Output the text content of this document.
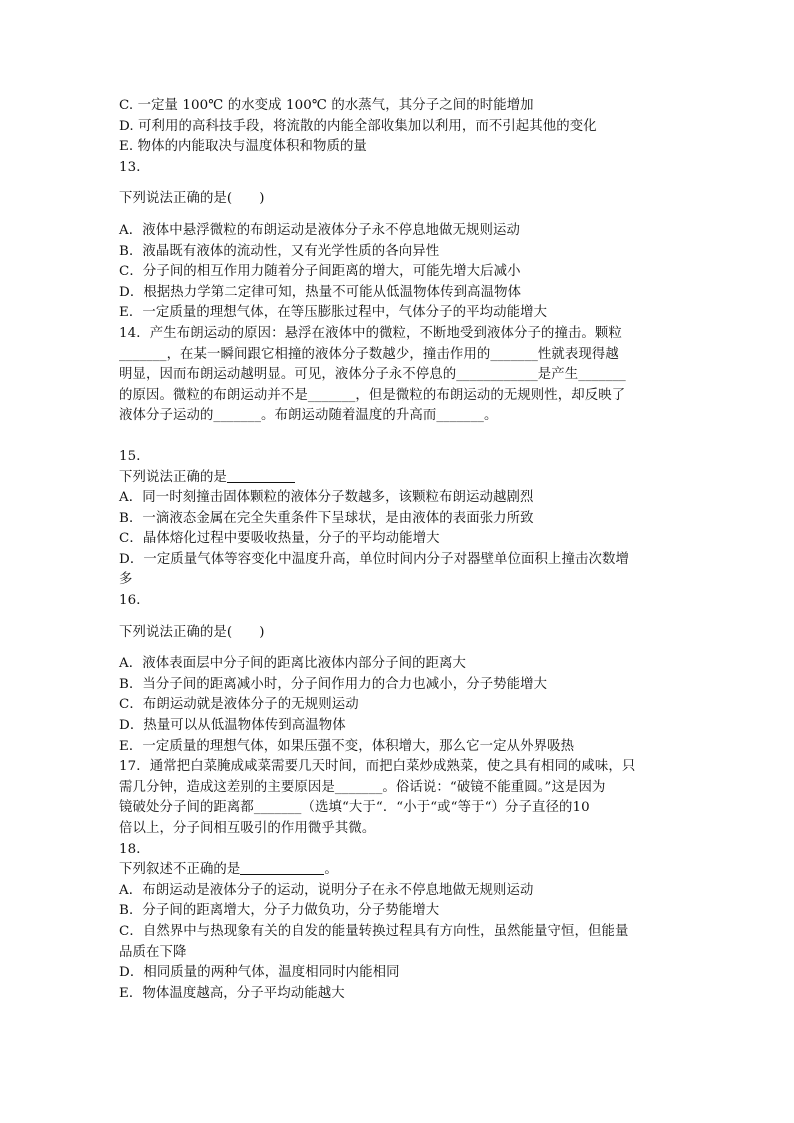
C. 一定量 100℃ 的水变成 100℃ 的水蒸气，其分子之间的时能增加
D. 可利用的高科技手段，将流散的内能全部收集加以利用，而不引起其他的变化
E. 物体的内能取决与温度体积和物质的量
13．
下列说法正确的是(　　)
A．液体中悬浮微粒的布朗运动是液体分子永不停息地做无规则运动
B．液晶既有液体的流动性，又有光学性质的各向异性
C．分子间的相互作用力随着分子间距离的增大，可能先增大后减小
D．根据热力学第二定律可知，热量不可能从低温物体传到高温物体
E．一定质量的理想气体，在等压膨胀过程中，气体分子的平均动能增大
14．产生布朗运动的原因：悬浮在液体中的微粒，不断地受到液体分子的撞击。颗粒
_______，在某一瞬间跟它相撞的液体分子数越少，撞击作用的_______性就表现得越
明显，因而布朗运动越明显。可见，液体分子永不停息的____________是产生_______
的原因。微粒的布朗运动并不是_______，但是微粒的布朗运动的无规则性，却反映了
液体分子运动的_______。布朗运动随着温度的升高而_______。
15．
下列说法正确的是
A．同一时刻撞击固体颗粒的液体分子数越多，该颗粒布朗运动越剧烈
B．一滴液态金属在完全失重条件下呈球状，是由液体的表面张力所致
C．晶体熔化过程中要吸收热量，分子的平均动能增大
D．一定质量气体等容变化中温度升高，单位时间内分子对器壁单位面积上撞击次数增
多
16．
下列说法正确的是(　　)
A．液体表面层中分子间的距离比液体内部分子间的距离大
B．当分子间的距离减小时，分子间作用力的合力也减小，分子势能增大
C．布朗运动就是液体分子的无规则运动
D．热量可以从低温物体传到高温物体
E．一定质量的理想气体，如果压强不变，体积增大，那么它一定从外界吸热
17．通常把白菜腌成咸菜需要几天时间，而把白菜炒成熟菜，使之具有相同的咸味，只
需几分钟，造成这差别的主要原因是_______。俗话说：“破镜不能重圆。”这是因为
镜破处分子间的距离都_______（选填“大于“．“小于“或“等于“）分子直径的10
倍以上，分子间相互吸引的作用微乎其微。
18．
下列叙述不正确的是	。
A．布朗运动是液体分子的运动，说明分子在永不停息地做无规则运动
B．分子间的距离增大，分子力做负功，分子势能增大
C．自然界中与热现象有关的自发的能量转换过程具有方向性，虽然能量守恒，但能量
品质在下降
D．相同质量的两种气体，温度相同时内能相同
E．物体温度越高，分子平均动能越大
